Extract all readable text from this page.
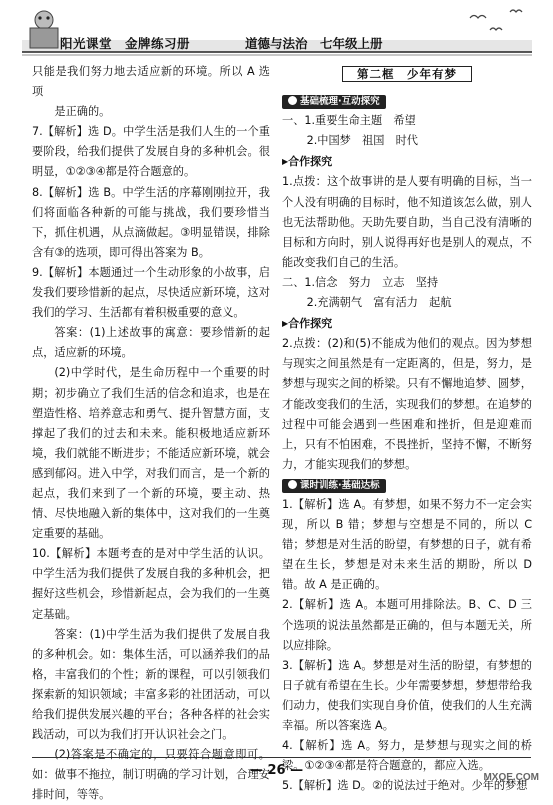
阳光课堂　金牌练习册	道德与法治　七年级上册

只能是我们努力地去适应新的环境。所以 A 选项

是正确的。

7.【解析】选 D。中学生活是我们人生的一个重要阶段，给我们提供了发展自身的多种机会。很明显，①②③④都是符合题意的。

8.【解析】选 B。中学生活的序幕刚刚拉开，我们将面临各种新的可能与挑战，我们要珍惜当下，抓住机遇，从点滴做起。③明显错误，排除含有③的选项，即可得出答案为 B。

9.【解析】本题通过一个生动形象的小故事，启发我们要珍惜新的起点，尽快适应新环境，这对我们的学习、生活都有着积极重要的意义。

答案：(1)上述故事的寓意：要珍惜新的起点，适应新的环境。

(2)中学时代，是生命历程中一个重要的时期；初步确立了我们生活的信念和追求，也是在塑造性格、培养意志和勇气、提升智慧方面，支撑起了我们的过去和未来。能积极地适应新环境，我们就能不断进步；不能适应新环境，就会感到郁闷。进入中学，对我们而言，是一个新的起点，我们来到了一个新的环境，要主动、热情、尽快地融入新的集体中，这对我们的一生奠定重要的基础。

10.【解析】本题考查的是对中学生活的认识。中学生活为我们提供了发展自我的多种机会，把握好这些机会，珍惜新起点，会为我们的一生奠定基础。

答案：(1)中学生活为我们提供了发展自我的多种机会。如：集体生活，可以涵养我们的品格，丰富我们的个性；新的课程，可以引领我们探索新的知识领域；丰富多彩的社团活动，可以给我们提供发展兴趣的平台；各种各样的社会实践活动，可以为我们打开认识社会之门。

(2)答案是不确定的，只要符合题意即可。如：做事不拖拉，制订明确的学习计划，合理安排时间，等等。

第二框　少年有梦
基础梳理·互动探究

一、1.重要生命主题　希望

2.中国梦　祖国　时代

▶合作探究

1.点拨：这个故事讲的是人要有明确的目标，当一个人没有明确的目标时，他不知道该怎么做，别人也无法帮助他。天助先要自助，当自己没有清晰的目标和方向时，别人说得再好也是别人的观点，不能改变我们自己的生活。

二、1.信念　努力　立志　坚持

2.充满朝气　富有活力　起航

▶合作探究

2.点拨：(2)和(5)不能成为他们的观点。因为梦想与现实之间虽然是有一定距离的，但是，努力，是梦想与现实之间的桥梁。只有不懈地追梦、圆梦，才能改变我们的生活，实现我们的梦想。在追梦的过程中可能会遇到一些困难和挫折，但是迎难而上，只有不怕困难，不畏挫折，坚持不懈，不断努力，才能实现我们的梦想。

课时训练·基础达标

1.【解析】选 A。有梦想，如果不努力不一定会实现，所以 B 错；梦想与空想是不同的，所以 C 错；梦想是对生活的盼望，有梦想的日子，就有希望在生长，梦想是对未来生活的期盼，所以 D 错。故 A 是正确的。

2.【解析】选 A。本题可用排除法。B、C、D 三个选项的说法虽然都是正确的，但与本题无关，所以应排除。

3.【解析】选 A。梦想是对生活的盼望，有梦想的日子就有希望在生长。少年需要梦想，梦想带给我们动力，使我们实现自身价值，使我们的人生充满幸福。所以答案选 A。

4.【解析】选 A。努力，是梦想与现实之间的桥梁。①②③④都是符合题意的，都应入选。

5.【解析】选 D。②的说法过于绝对。少年的梦想

— 26 —	MXQE.COM
